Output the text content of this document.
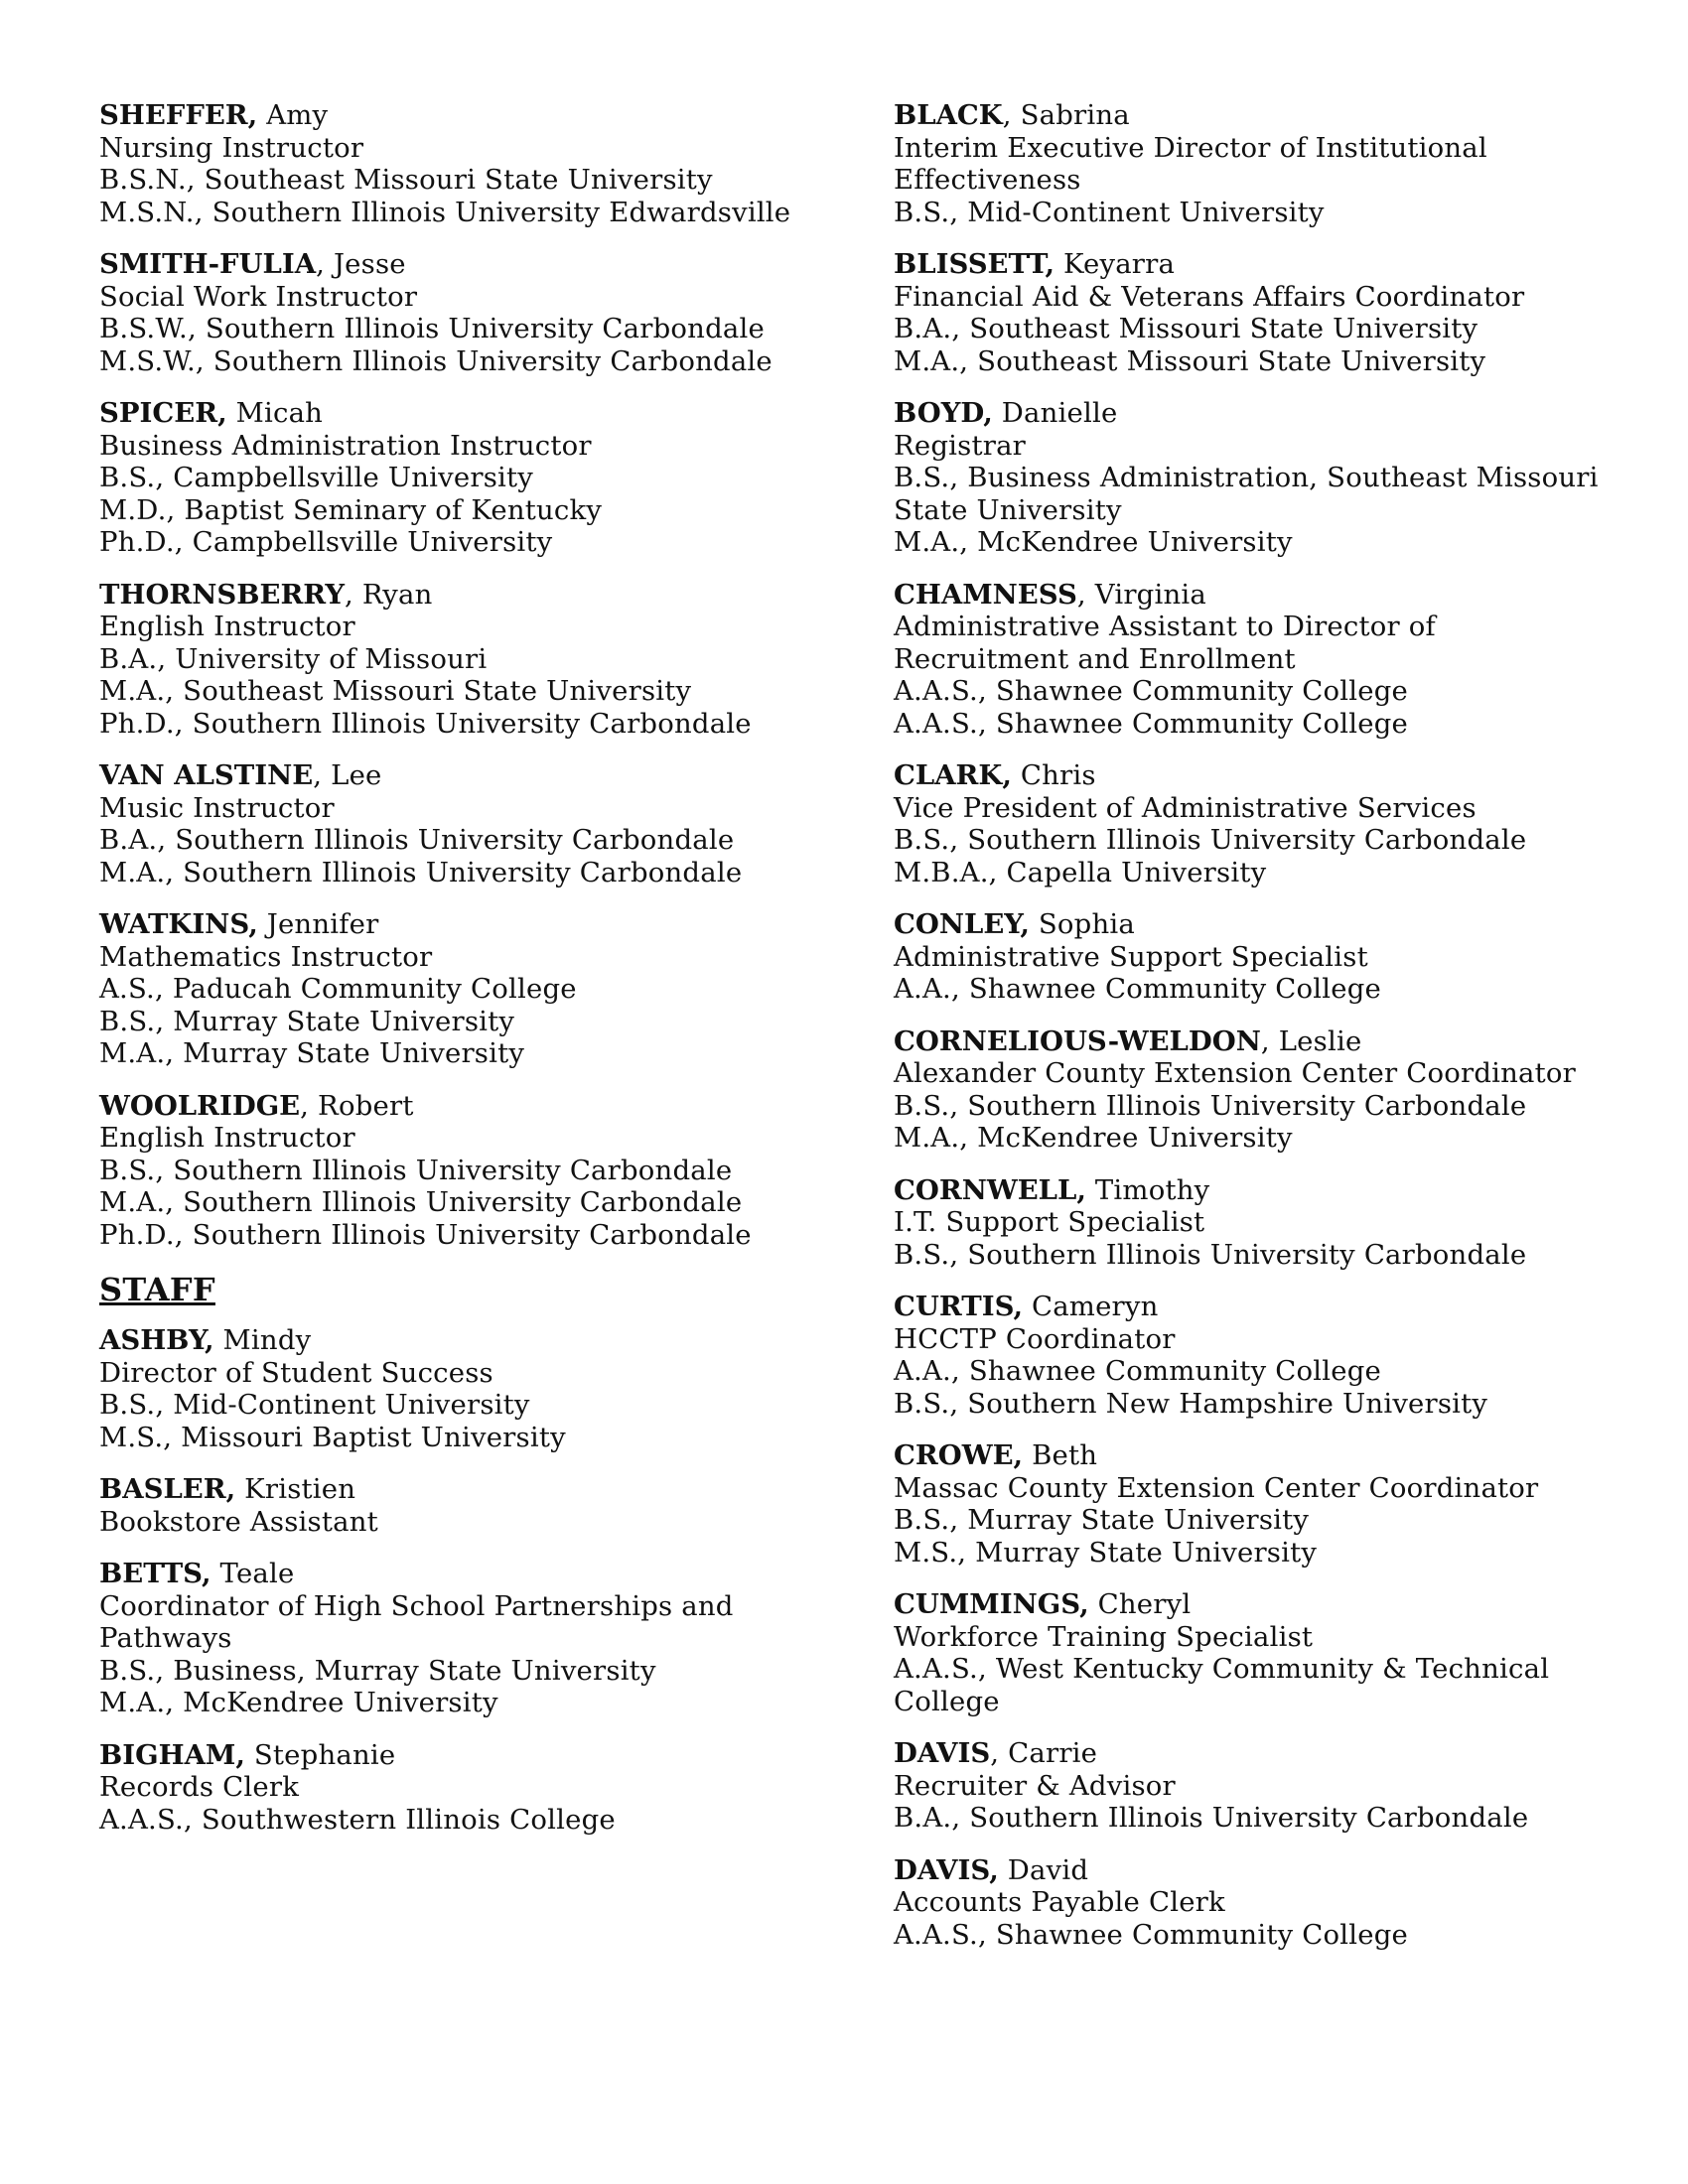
SHEFFER, Amy
Nursing Instructor
B.S.N., Southeast Missouri State University
M.S.N., Southern Illinois University Edwardsville
SMITH-FULIA, Jesse
Social Work Instructor
B.S.W., Southern Illinois University Carbondale
M.S.W., Southern Illinois University Carbondale
SPICER, Micah
Business Administration Instructor
B.S., Campbellsville University
M.D., Baptist Seminary of Kentucky
Ph.D., Campbellsville University
THORNSBERRY, Ryan
English Instructor
B.A., University of Missouri
M.A., Southeast Missouri State University
Ph.D., Southern Illinois University Carbondale
VAN ALSTINE, Lee
Music Instructor
B.A., Southern Illinois University Carbondale
M.A., Southern Illinois University Carbondale
WATKINS, Jennifer
Mathematics Instructor
A.S., Paducah Community College
B.S., Murray State University
M.A., Murray State University
WOOLRIDGE, Robert
English Instructor
B.S., Southern Illinois University Carbondale
M.A., Southern Illinois University Carbondale
Ph.D., Southern Illinois University Carbondale
STAFF
ASHBY, Mindy
Director of Student Success
B.S., Mid-Continent University
M.S., Missouri Baptist University
BASLER, Kristien
Bookstore Assistant
BETTS, Teale
Coordinator of High School Partnerships and
Pathways
B.S., Business, Murray State University
M.A., McKendree University
BIGHAM, Stephanie
Records Clerk
A.A.S., Southwestern Illinois College
BLACK, Sabrina
Interim Executive Director of Institutional
Effectiveness
B.S., Mid-Continent University
BLISSETT, Keyarra
Financial Aid & Veterans Affairs Coordinator
B.A., Southeast Missouri State University
M.A., Southeast Missouri State University
BOYD, Danielle
Registrar
B.S., Business Administration, Southeast Missouri
State University
M.A., McKendree University
CHAMNESS, Virginia
Administrative Assistant to Director of
Recruitment and Enrollment
A.A.S., Shawnee Community College
A.A.S., Shawnee Community College
CLARK, Chris
Vice President of Administrative Services
B.S., Southern Illinois University Carbondale
M.B.A., Capella University
CONLEY, Sophia
Administrative Support Specialist
A.A., Shawnee Community College
CORNELIOUS-WELDON, Leslie
Alexander County Extension Center Coordinator
B.S., Southern Illinois University Carbondale
M.A., McKendree University
CORNWELL, Timothy
I.T. Support Specialist
B.S., Southern Illinois University Carbondale
CURTIS, Cameryn
HCCTP Coordinator
A.A., Shawnee Community College
B.S., Southern New Hampshire University
CROWE, Beth
Massac County Extension Center Coordinator
B.S., Murray State University
M.S., Murray State University
CUMMINGS, Cheryl
Workforce Training Specialist
A.A.S., West Kentucky Community & Technical
College
DAVIS, Carrie
Recruiter & Advisor
B.A., Southern Illinois University Carbondale
DAVIS, David
Accounts Payable Clerk
A.A.S., Shawnee Community College
